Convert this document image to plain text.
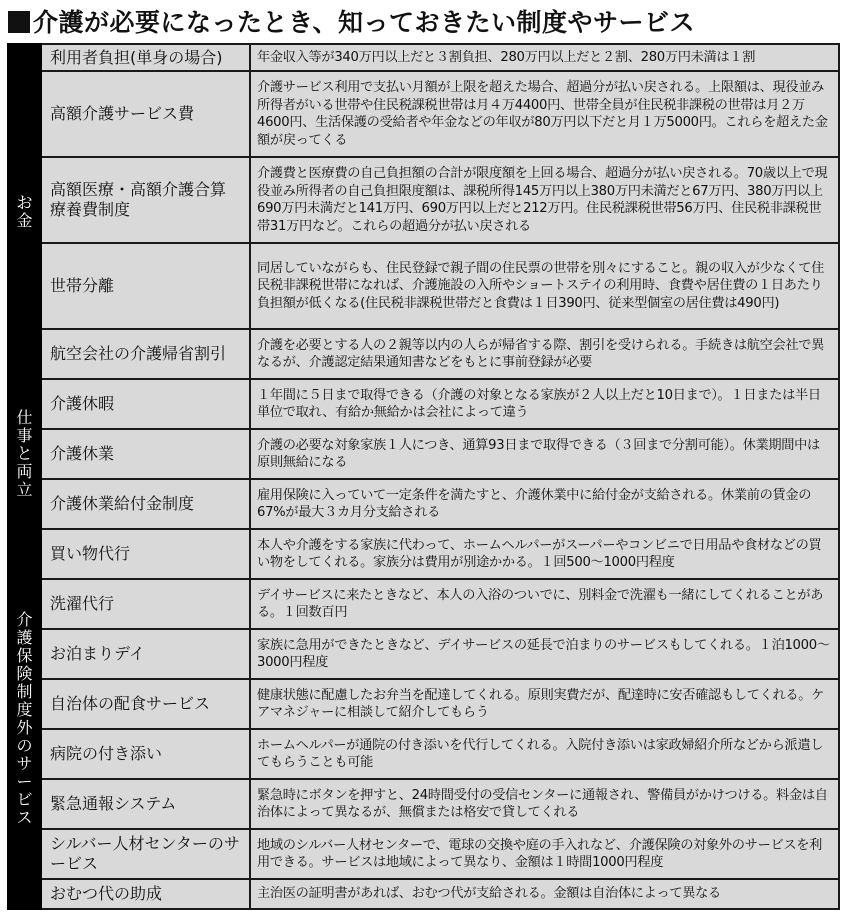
介護が必要になったとき、知っておきたい制度やサービス
お金	利用者負担(単身の場合)	年金収入等が340万円以上だと３割負担、280万円以上だと２割、280万円未満は１割
	高額介護サービス費	介護サービス利用で支払い月額が上限を超えた場合、超過分が払い戻される。上限額は、現役並み所得者がいる世帯や住民税課税世帯は月４万4400円、世帯全員が住民税非課税の世帯は月２万4600円、生活保護の受給者や年金などの年収が80万円以下だと月１万5000円。これらを超えた金額が戻ってくる
	高額医療・高額介護合算療養費制度	介護費と医療費の自己負担額の合計が限度額を上回る場合、超過分が払い戻される。70歳以上で現役並み所得者の自己負担限度額は、課税所得145万円以上380万円未満だと67万円、380万円以上690万円未満だと141万円、690万円以上だと212万円。住民税課税世帯56万円、住民税非課税世帯31万円など。これらの超過分が払い戻される
	世帯分離	同居していながらも、住民登録で親子間の住民票の世帯を別々にすること。親の収入が少なくて住民税非課税世帯になれば、介護施設の入所やショートステイの利用時、食費や居住費の１日あたり負担額が低くなる(住民税非課税世帯だと食費は１日390円、従来型個室の居住費は490円)
	航空会社の介護帰省割引	介護を必要とする人の２親等以内の人らが帰省する際、割引を受けられる。手続きは航空会社で異なるが、介護認定結果通知書などをもとに事前登録が必要
仕事と両立	介護休暇	１年間に５日まで取得できる（介護の対象となる家族が２人以上だと10日まで）。１日または半日単位で取れ、有給か無給かは会社によって違う
	介護休業	介護の必要な対象家族１人につき、通算93日まで取得できる（３回まで分割可能）。休業期間中は原則無給になる
	介護休業給付金制度	雇用保険に入っていて一定条件を満たすと、介護休業中に給付金が支給される。休業前の賃金の67%が最大３カ月分支給される
介護保険制度外のサービス	買い物代行	本人や介護をする家族に代わって、ホームヘルパーがスーパーやコンビニで日用品や食材などの買い物をしてくれる。家族分は費用が別途かかる。１回500〜1000円程度
	洗濯代行	デイサービスに来たときなど、本人の入浴のついでに、別料金で洗濯も一緒にしてくれることがある。１回数百円
	お泊まりデイ	家族に急用ができたときなど、デイサービスの延長で泊まりのサービスもしてくれる。１泊1000〜3000円程度
	自治体の配食サービス	健康状態に配慮したお弁当を配達してくれる。原則実費だが、配達時に安否確認もしてくれる。ケアマネジャーに相談して紹介してもらう
	病院の付き添い	ホームヘルパーが通院の付き添いを代行してくれる。入院付き添いは家政婦紹介所などから派遣してもらうことも可能
	緊急通報システム	緊急時にボタンを押すと、24時間受付の受信センターに通報され、警備員がかけつける。料金は自治体によって異なるが、無償または格安で貸してくれる
	シルバー人材センターのサービス	地域のシルバー人材センターで、電球の交換や庭の手入れなど、介護保険の対象外のサービスを利用できる。サービスは地域によって異なり、金額は１時間1000円程度
	おむつ代の助成	主治医の証明書があれば、おむつ代が支給される。金額は自治体によって異なる
